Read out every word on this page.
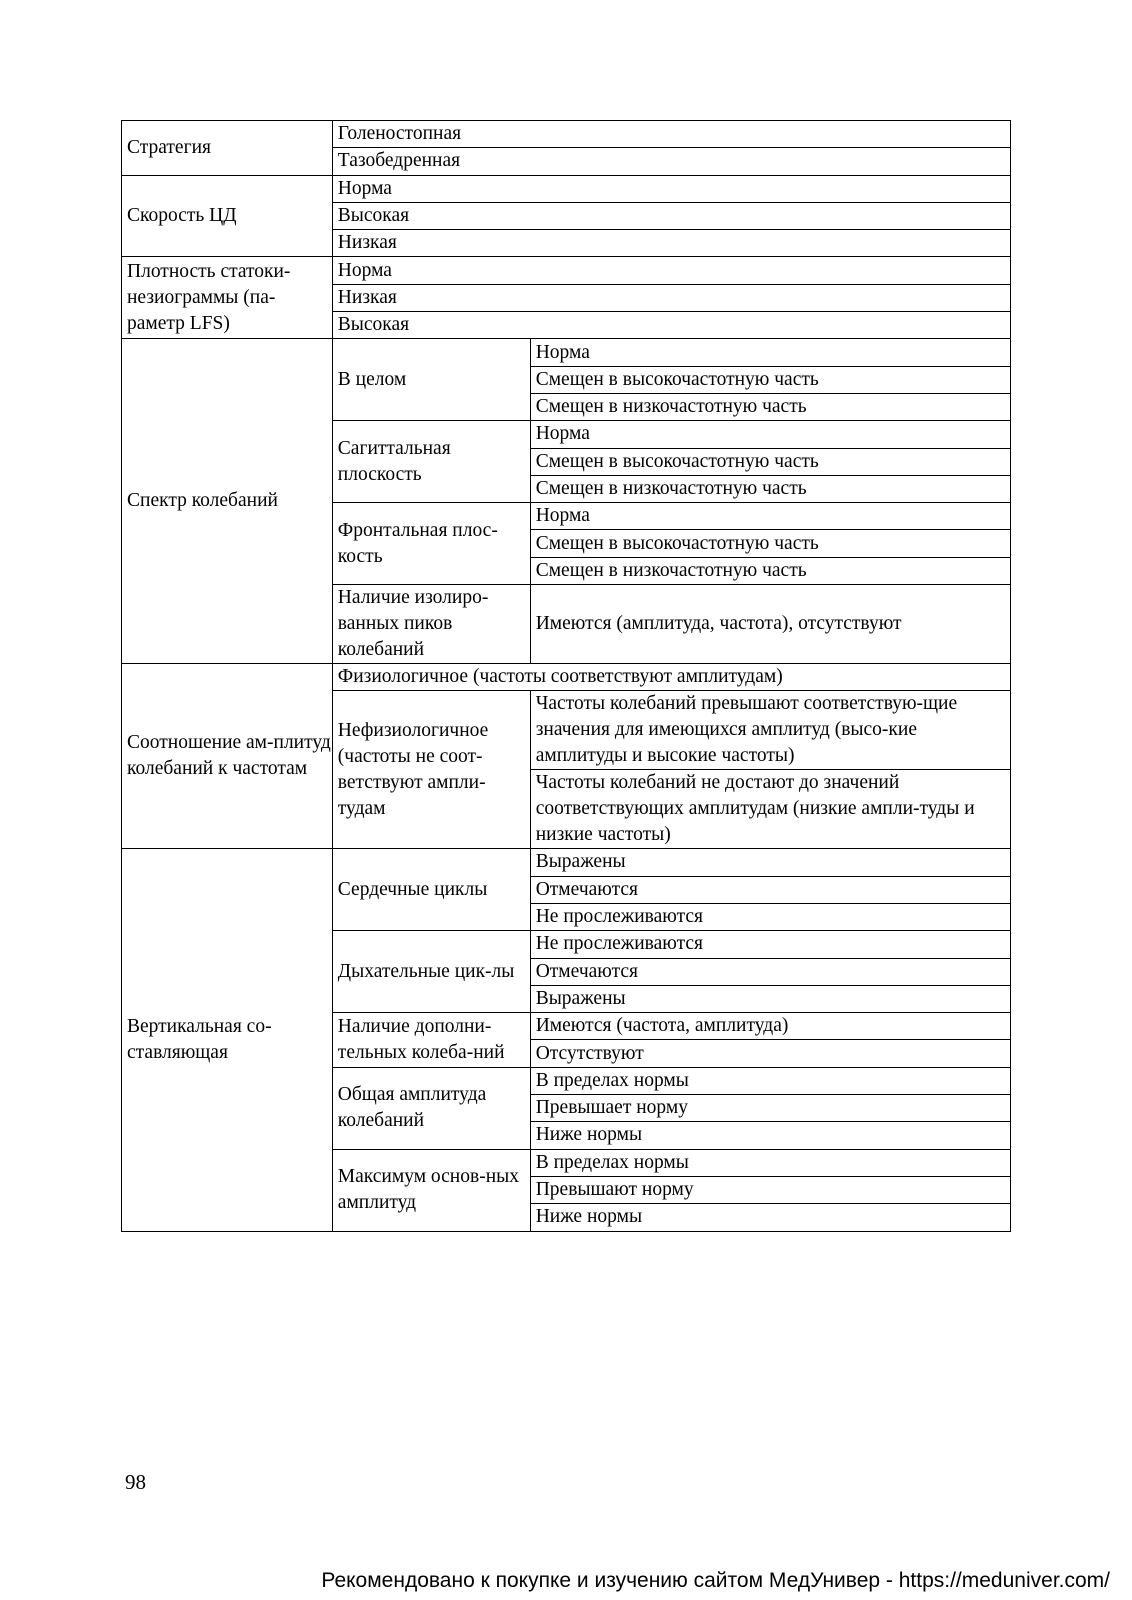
Стратегия	Голеностопная	
	Тазобедренная	
Скорость ЦД	Норма	
	Высокая	
	Низкая	
Плотность статоки-незиограммы (па-раметр LFS)	Норма	
	Низкая	
	Высокая	
Спектр колебаний	В целом	Норма
		Смещен в высокочастотную часть
		Смещен в низкочастотную часть
	Сагиттальная плоскость	Норма
		Смещен в высокочастотную часть
		Смещен в низкочастотную часть
	Фронтальная плос-кость	Норма
		Смещен в высокочастотную часть
		Смещен в низкочастотную часть
	Наличие изолиро-ванных пиков колебаний	Имеются (амплитуда, частота), отсутствуют
Соотношение ам-плитуд колебаний к частотам	Физиологичное (частоты соответствуют амплитудам)	
	Нефизиологичное (частоты не соот-ветствуют ампли-тудам	Частоты колебаний превышают соответствую-щие значения для имеющихся амплитуд (высо-кие амплитуды и высокие частоты)
		Частоты колебаний не достают до значений соответствующих амплитудам (низкие ампли-туды и низкие частоты)
Вертикальная со-ставляющая	Сердечные циклы	Выражены
		Отмечаются
		Не прослеживаются
	Дыхательные цик-лы	Не прослеживаются
		Отмечаются
		Выражены
	Наличие дополни-тельных колеба-ний	Имеются (частота, амплитуда)
		Отсутствуют
	Общая амплитуда колебаний	В пределах нормы
		Превышает норму
		Ниже нормы
	Максимум основ-ных амплитуд	В пределах нормы
		Превышают норму
		Ниже нормы
98
Рекомендовано к покупке и изучению сайтом МедУнивер - https://meduniver.com/
